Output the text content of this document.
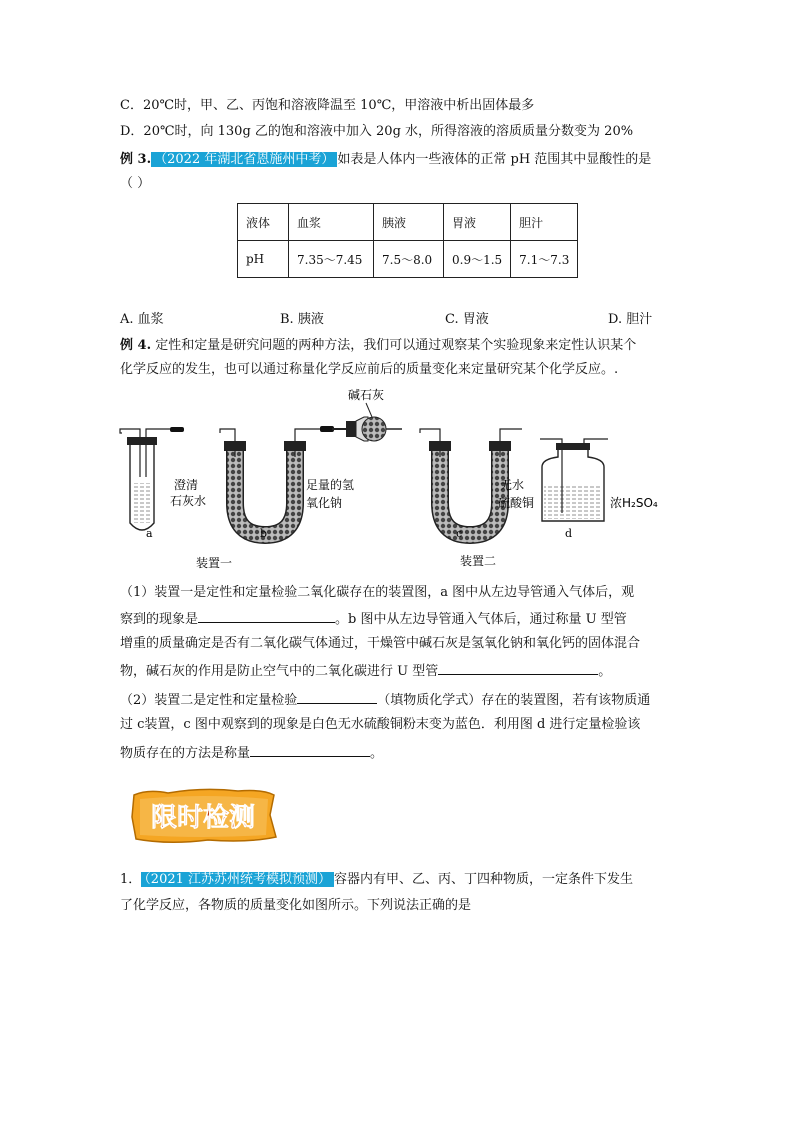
C．20℃时，甲、乙、丙饱和溶液降温至 10℃，甲溶液中析出固体最多
D．20℃时，向 130g 乙的饱和溶液中加入 20g 水，所得溶液的溶质质量分数变为 20%
例 3. （ 2022 年湖北省恩施州中考 ） 如表是人体内一些液体的正常 pH 范围其中显酸性的是
（ ）
液体	血浆	胰液	胃液	胆汁
pH	7.35～7.45	7.5～8.0	0.9～1.5	7.1～7.3
A. 血浆	B. 胰液	C. 胃液	D. 胆汁
例 4. 定性和定量是研究问题的两种方法，我们可以通过观察某个实验现象来定性认识某个
化学反应的发生，也可以通过称量化学反应前后的质量变化来定量研究某个化学反应。.
澄清
石灰水
a
碱石灰
足量的氢
氧化钠
b
无水
硫酸铜
c
浓H₂SO₄
d
装置一	装置二
（1）装置一是定性和定量检验二氧化碳存在的装置图，a 图中从左边导管通入气体后，观
察到的现象是	。b 图中从左边导管通入气体后，通过称量 U 型管
增重的质量确定是否有二氧化碳气体通过，干燥管中碱石灰是氢氧化钠和氧化钙的固体混合
物，碱石灰的作用是防止空气中的二氧化碳进行 U 型管	。
（2）装置二是定性和定量检验	（填物质化学式）存在的装置图，若有该物质通
过 c装置，c 图中观察到的现象是白色无水硫酸铜粉末变为蓝色．利用图 d 进行定量检验该
物质存在的方法是称量	。
限时检测
1． （ 2021 江苏苏州统考模拟预测 ） 容器内有甲、乙、丙、丁四种物质，一定条件下发生
了化学反应，各物质的质量变化如图所示。下列说法正确的是
